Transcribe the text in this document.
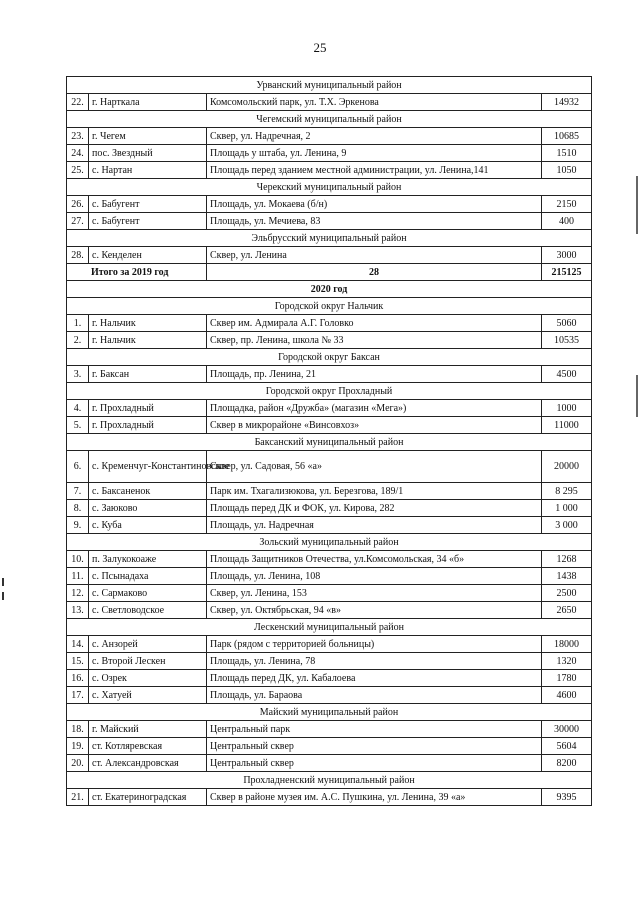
25
Урванский муниципальный район			
22.	г. Нарткала	Комсомольский парк, ул. Т.Х. Эркенова	14932
Чегемский муниципальный район			
23.	г. Чегем	Сквер, ул. Надречная, 2	10685
24.	пос. Звездный	Площадь у штаба, ул. Ленина, 9	1510
25.	с. Нартан	Площадь перед зданием местной администрации, ул. Ленина,141	1050
Черекский муниципальный район			
26.	с. Бабугент	Площадь, ул. Мокаева (б/н)	2150
27.	с. Бабугент	Площадь, ул. Мечиева, 83	400
Эльбрусский муниципальный район			
28.	с. Кенделен	Сквер, ул. Ленина	3000
Итого за 2019 год		28	215125
2020 год			
Городской округ Нальчик			
1.	г. Нальчик	Сквер им. Адмирала А.Г. Головко	5060
2.	г. Нальчик	Сквер, пр. Ленина, школа № 33	10535
Городской округ Баксан			
3.	г. Баксан	Площадь, пр. Ленина, 21	4500
Городской округ Прохладный			
4.	г. Прохладный	Площадка, район «Дружба» (магазин «Мега»)	1000
5.	г. Прохладный	Сквер в микрорайоне «Винсовхоз»	11000
Баксанский муниципальный район			
6.	с. Кременчуг-Константиновское	Сквер, ул. Садовая, 56 «а»	20000
7.	с. Баксаненок	Парк им. Тхагализюкова, ул. Березгова, 189/1	8 295
8.	с. Заюково	Площадь перед ДК и ФОК, ул. Кирова, 282	1 000
9.	с. Куба	Площадь, ул. Надречная	3 000
Зольский муниципальный район			
10.	п. Залукокоаже	Площадь Защитников Отечества, ул.Комсомольская, 34 «б»	1268
11.	с. Псынадаха	Площадь, ул. Ленина, 108	1438
12.	с. Сармаково	Сквер, ул. Ленина, 153	2500
13.	с. Светловодское	Сквер, ул. Октябрьская, 94 «в»	2650
Лескенский муниципальный район			
14.	с. Анзорей	Парк (рядом с территорией больницы)	18000
15.	с. Второй Лескен	Площадь, ул. Ленина, 78	1320
16.	с. Озрек	Площадь перед ДК, ул. Кабалоева	1780
17.	с. Хатуей	Площадь, ул. Бараова	4600
Майский муниципальный район			
18.	г. Майский	Центральный парк	30000
19.	ст. Котляревская	Центральный сквер	5604
20.	ст. Александровская	Центральный сквер	8200
Прохладненский муниципальный район			
21.	ст. Екатериноградская	Сквер в районе музея им. А.С. Пушкина, ул. Ленина, 39 «а»	9395
